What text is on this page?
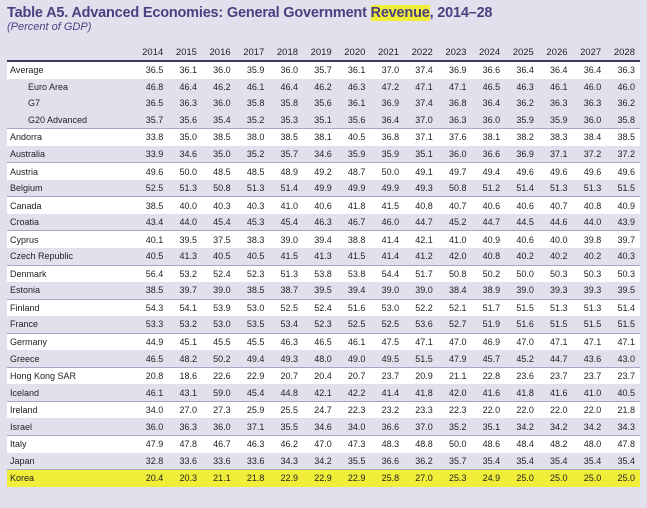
Table A5. Advanced Economies: General Government Revenue, 2014–28
(Percent of GDP)
	2014	2015	2016	2017	2018	2019	2020	2021	2022	2023	2024	2025	2026	2027	2028
Average	36.5	36.1	36.0	35.9	36.0	35.7	36.1	37.0	37.4	36.9	36.6	36.4	36.4	36.4	36.3
Euro Area	46.8	46.4	46.2	46.1	46.4	46.2	46.3	47.2	47.1	47.1	46.5	46.3	46.1	46.0	46.0
G7	36.5	36.3	36.0	35.8	35.8	35.6	36.1	36.9	37.4	36.8	36.4	36.2	36.3	36.3	36.2
G20 Advanced	35.7	35.6	35.4	35.2	35.3	35.1	35.6	36.4	37.0	36.3	36.0	35.9	35.9	36.0	35.8
Andorra	33.8	35.0	38.5	38.0	38.5	38.1	40.5	36.8	37.1	37.6	38.1	38.2	38.3	38.4	38.5
Australia	33.9	34.6	35.0	35.2	35.7	34.6	35.9	35.9	35.1	36.0	36.6	36.9	37.1	37.2	37.2
Austria	49.6	50.0	48.5	48.5	48.9	49.2	48.7	50.0	49.1	49.7	49.4	49.6	49.6	49.6	49.6
Belgium	52.5	51.3	50.8	51.3	51.4	49.9	49.9	49.9	49.3	50.8	51.2	51.4	51.3	51.3	51.5
Canada	38.5	40.0	40.3	40.3	41.0	40.6	41.8	41.5	40.8	40.7	40.6	40.6	40.7	40.8	40.9
Croatia	43.4	44.0	45.4	45.3	45.4	46.3	46.7	46.0	44.7	45.2	44.7	44.5	44.6	44.0	43.9
Cyprus	40.1	39.5	37.5	38.3	39.0	39.4	38.8	41.4	42.1	41.0	40.9	40.6	40.0	39.8	39.7
Czech Republic	40.5	41.3	40.5	40.5	41.5	41.3	41.5	41.4	41.2	42.0	40.8	40.2	40.2	40.2	40.3
Denmark	56.4	53.2	52.4	52.3	51.3	53.8	53.8	54.4	51.7	50.8	50.2	50.0	50.3	50.3	50.3
Estonia	38.5	39.7	39.0	38.5	38.7	39.5	39.4	39.0	39.0	38.4	38.9	39.0	39.3	39.3	39.5
Finland	54.3	54.1	53.9	53.0	52.5	52.4	51.6	53.0	52.2	52.1	51.7	51.5	51.3	51.3	51.4
France	53.3	53.2	53.0	53.5	53.4	52.3	52.5	52.5	53.6	52.7	51.9	51.6	51.5	51.5	51.5
Germany	44.9	45.1	45.5	45.5	46.3	46.5	46.1	47.5	47.1	47.0	46.9	47.0	47.1	47.1	47.1
Greece	46.5	48.2	50.2	49.4	49.3	48.0	49.0	49.5	51.5	47.9	45.7	45.2	44.7	43.6	43.0
Hong Kong SAR	20.8	18.6	22.6	22.9	20.7	20.4	20.7	23.7	20.9	21.1	22.8	23.6	23.7	23.7	23.7
Iceland	46.1	43.1	59.0	45.4	44.8	42.1	42.2	41.4	41.8	42.0	41.6	41.8	41.6	41.0	40.5
Ireland	34.0	27.0	27.3	25.9	25.5	24.7	22.3	23.2	23.3	22.3	22.0	22.0	22.0	22.0	21.8
Israel	36.0	36.3	36.0	37.1	35.5	34.6	34.0	36.6	37.0	35.2	35.1	34.2	34.2	34.2	34.3
Italy	47.9	47.8	46.7	46.3	46.2	47.0	47.3	48.3	48.8	50.0	48.6	48.4	48.2	48.0	47.8
Japan	32.8	33.6	33.6	33.6	34.3	34.2	35.5	36.6	36.2	35.7	35.4	35.4	35.4	35.4	35.4
Korea	20.4	20.3	21.1	21.8	22.9	22.9	22.9	25.8	27.0	25.3	24.9	25.0	25.0	25.0	25.0
